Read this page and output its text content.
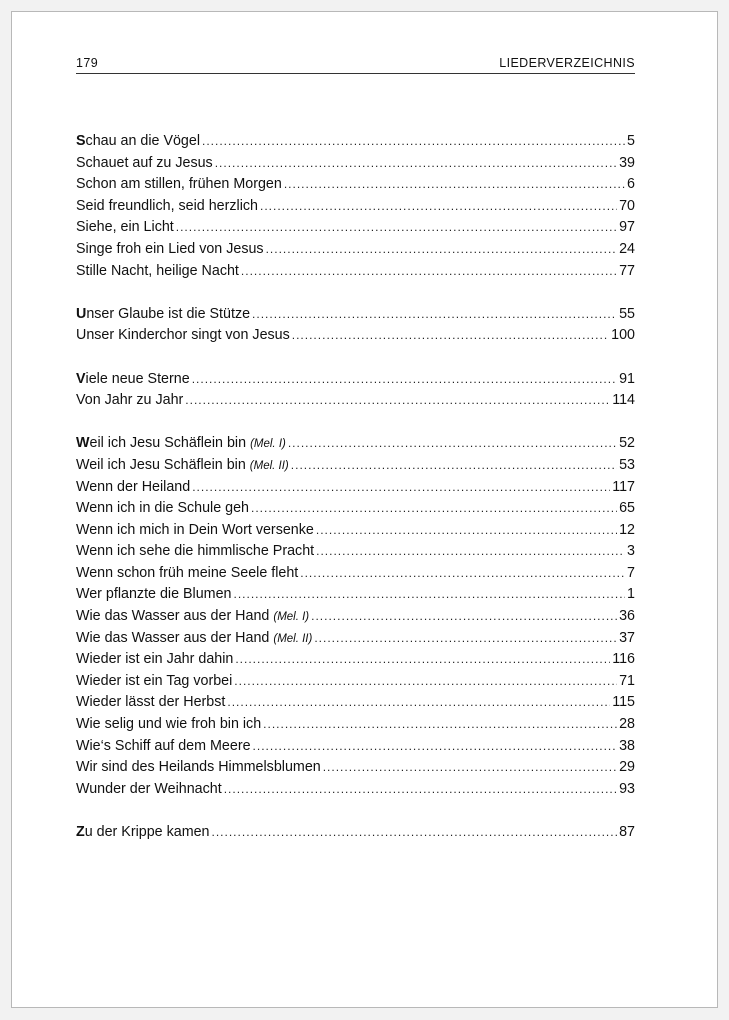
179	LIEDERVERZEICHNIS
Schau an die Vögel .....	5
Schauet auf zu Jesus .....	39
Schon am stillen, frühen Morgen .....	6
Seid freundlich, seid herzlich .....	70
Siehe, ein Licht .....	97
Singe froh ein Lied von Jesus .....	24
Stille Nacht, heilige Nacht .....	77
Unser Glaube ist die Stütze .....	55
Unser Kinderchor singt von Jesus .....	100
Viele neue Sterne .....	91
Von Jahr zu Jahr .....	114
Weil ich Jesu Schäflein bin (Mel. I) .....	52
Weil ich Jesu Schäflein bin (Mel. II) .....	53
Wenn der Heiland .....	117
Wenn ich in die Schule geh .....	65
Wenn ich mich in Dein Wort versenke .....	12
Wenn ich sehe die himmlische Pracht .....	3
Wenn schon früh meine Seele fleht .....	7
Wer pflanzte die Blumen .....	1
Wie das Wasser aus der Hand (Mel. I) .....	36
Wie das Wasser aus der Hand (Mel. II) .....	37
Wieder ist ein Jahr dahin .....	116
Wieder ist ein Tag vorbei .....	71
Wieder lässt der Herbst .....	115
Wie selig und wie froh bin ich .....	28
Wie‘s Schiff auf dem Meere .....	38
Wir sind des Heilands Himmelsblumen .....	29
Wunder der Weihnacht .....	93
Zu der Krippe kamen .....	87
